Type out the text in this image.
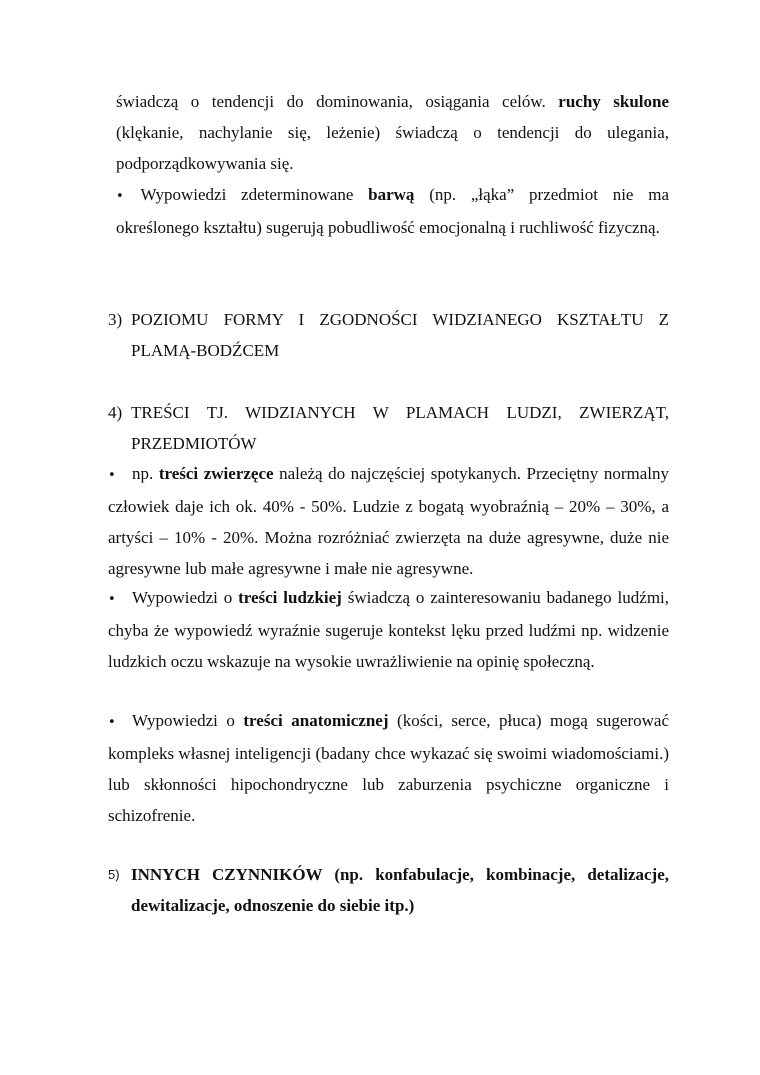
świadczą o tendencji do dominowania, osiągania celów. ruchy skulone (klękanie, nachylanie się, leżenie) świadczą o tendencji do ulegania, podporządkowywania się.
• Wypowiedzi zdeterminowane barwą (np. „łąka” przedmiot nie ma określonego kształtu) sugerują pobudliwość emocjonalną i ruchliwość fizyczną.
3) POZIOMU FORMY I ZGODNOŚCI WIDZIANEGO KSZTAŁTU Z PLAMĄ-BODŹCEM
4) TREŚCI TJ. WIDZIANYCH W PLAMACH LUDZI, ZWIERZĄT, PRZEDMIOTÓW
• np. treści zwierzęce należą do najczęściej spotykanych. Przeciętny normalny człowiek daje ich ok. 40% - 50%. Ludzie z bogatą wyobraźnią – 20% – 30%, a artyści – 10% - 20%. Można rozróżniać zwierzęta na duże agresywne, duże nie agresywne lub małe agresywne i małe nie agresywne.
• Wypowiedzi o treści ludzkiej świadczą o zainteresowaniu badanego ludźmi, chyba że wypowiedź wyraźnie sugeruje kontekst lęku przed ludźmi np. widzenie ludzkich oczu wskazuje na wysokie uwrażliwienie na opinię społeczną.
• Wypowiedzi o treści anatomicznej (kości, serce, płuca) mogą sugerować kompleks własnej inteligencji (badany chce wykazać się swoimi wiadomościami.) lub skłonności hipochondryczne lub zaburzenia psychiczne organiczne i schizofrenie.
5) INNYCH CZYNNIKÓW (np. konfabulacje, kombinacje, detalizacje, dewitalizacje, odnoszenie do siebie itp.)
